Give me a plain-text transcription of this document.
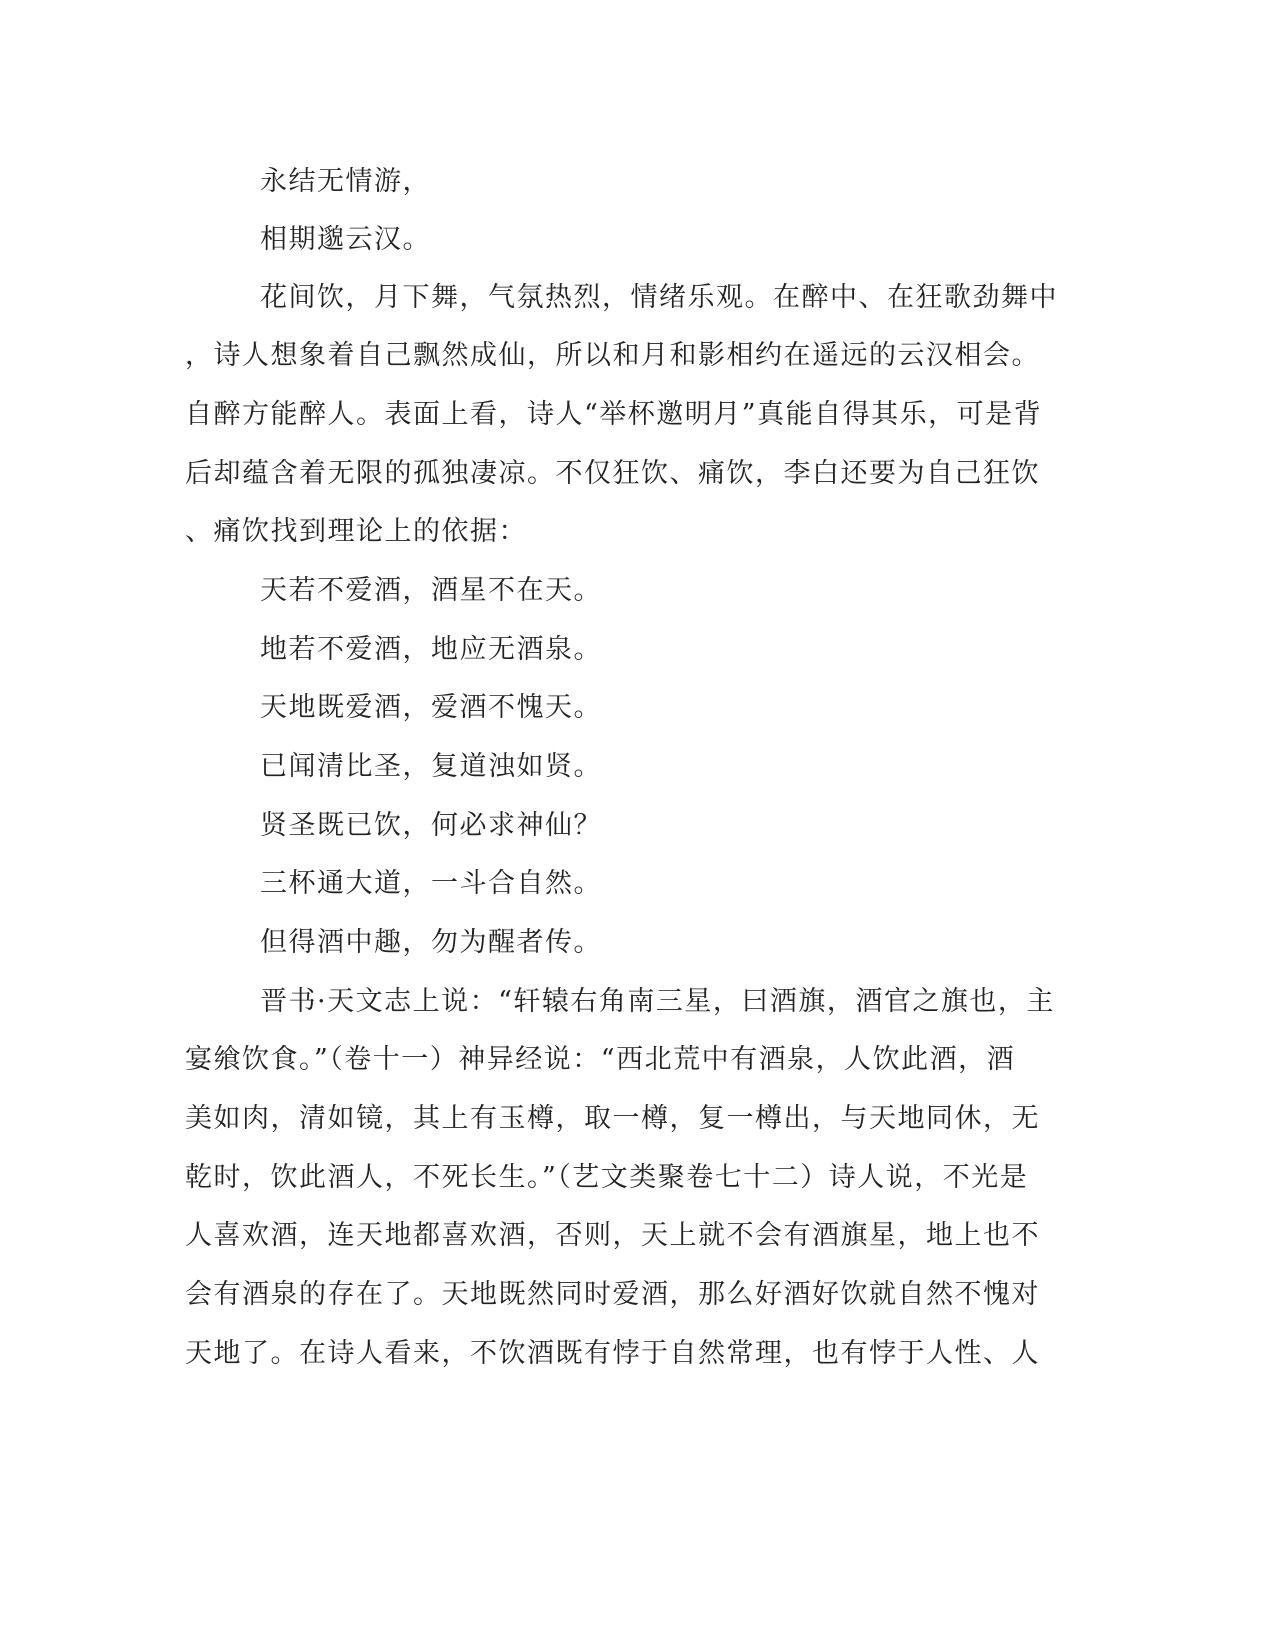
永结无情游，
相期邈云汉。
花间饮，月下舞，气氛热烈，情绪乐观。在醉中、在狂歌劲舞中
，诗人想象着自己飘然成仙，所以和月和影相约在遥远的云汉相会。
自醉方能醉人。表面上看，诗人“举杯邀明月”真能自得其乐，可是背
后却蕴含着无限的孤独凄凉。不仅狂饮、痛饮，李白还要为自己狂饮
、痛饮找到理论上的依据：
天若不爱酒，酒星不在天。
地若不爱酒，地应无酒泉。
天地既爱酒，爱酒不愧天。
已闻清比圣，复道浊如贤。
贤圣既已饮，何必求神仙？
三杯通大道，一斗合自然。
但得酒中趣，勿为醒者传。
晋书·天文志上说：“轩辕右角南三星，曰酒旗，酒官之旗也，主
宴飨饮食。”（卷十一）神异经说：“西北荒中有酒泉，人饮此酒，酒
美如肉，清如镜，其上有玉樽，取一樽，复一樽出，与天地同休，无
乾时，饮此酒人，不死长生。”（艺文类聚卷七十二）诗人说，不光是
人喜欢酒，连天地都喜欢酒，否则，天上就不会有酒旗星，地上也不
会有酒泉的存在了。天地既然同时爱酒，那么好酒好饮就自然不愧对
天地了。在诗人看来，不饮酒既有悖于自然常理，也有悖于人性、人
